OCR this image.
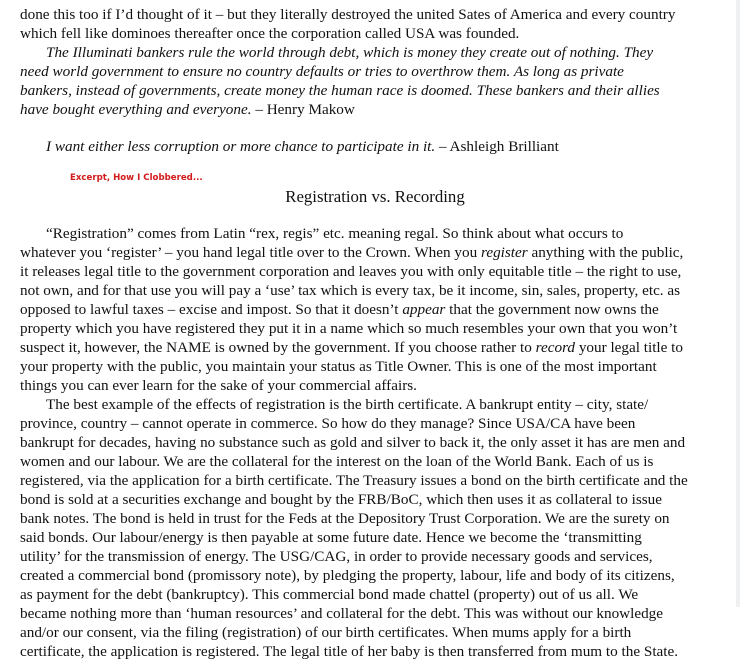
done this too if I’d thought of it – but they literally destroyed the united Sates of America and every country

which fell like dominoes thereafter once the corporation called USA was founded.

The Illuminati bankers rule the world through debt, which is money they create out of nothing. They

need world government to ensure no country defaults or tries to overthrow them. As long as private

bankers, instead of governments, create money the human race is doomed. These bankers and their allies

have bought everything and everyone. – Henry Makow

I want either less corruption or more chance to participate in it. – Ashleigh Brilliant

Excerpt, How I Clobbered...
Registration vs. Recording

“Registration” comes from Latin “rex, regis” etc. meaning regal. So think about what occurs to

whatever you ‘register’ – you hand legal title over to the Crown. When you register anything with the public,

it releases legal title to the government corporation and leaves you with only equitable title – the right to use,

not own, and for that use you will pay a ‘use’ tax which is every tax, be it income, sin, sales, property, etc. as

opposed to lawful taxes – excise and impost. So that it doesn’t appear that the government now owns the

property which you have registered they put it in a name which so much resembles your own that you won’t

suspect it, however, the NAME is owned by the government. If you choose rather to record your legal title to

your property with the public, you maintain your status as Title Owner. This is one of the most important

things you can ever learn for the sake of your commercial affairs.

The best example of the effects of registration is the birth certificate. A bankrupt entity – city, state/

province, country – cannot operate in commerce. So how do they manage? Since USA/CA have been

bankrupt for decades, having no substance such as gold and silver to back it, the only asset it has are men and

women and our labour. We are the collateral for the interest on the loan of the World Bank. Each of us is

registered, via the application for a birth certificate. The Treasury issues a bond on the birth certificate and the

bond is sold at a securities exchange and bought by the FRB/BoC, which then uses it as collateral to issue

bank notes. The bond is held in trust for the Feds at the Depository Trust Corporation. We are the surety on

said bonds. Our labour/energy is then payable at some future date. Hence we become the ‘transmitting

utility’ for the transmission of energy. The USG/CAG, in order to provide necessary goods and services,

created a commercial bond (promissory note), by pledging the property, labour, life and body of its citizens,

as payment for the debt (bankruptcy). This commercial bond made chattel (property) out of us all. We

became nothing more than ‘human resources’ and collateral for the debt. This was without our knowledge

and/or our consent, via the filing (registration) of our birth certificates. When mums apply for a birth

certificate, the application is registered. The legal title of her baby is then transferred from mum to the State.
